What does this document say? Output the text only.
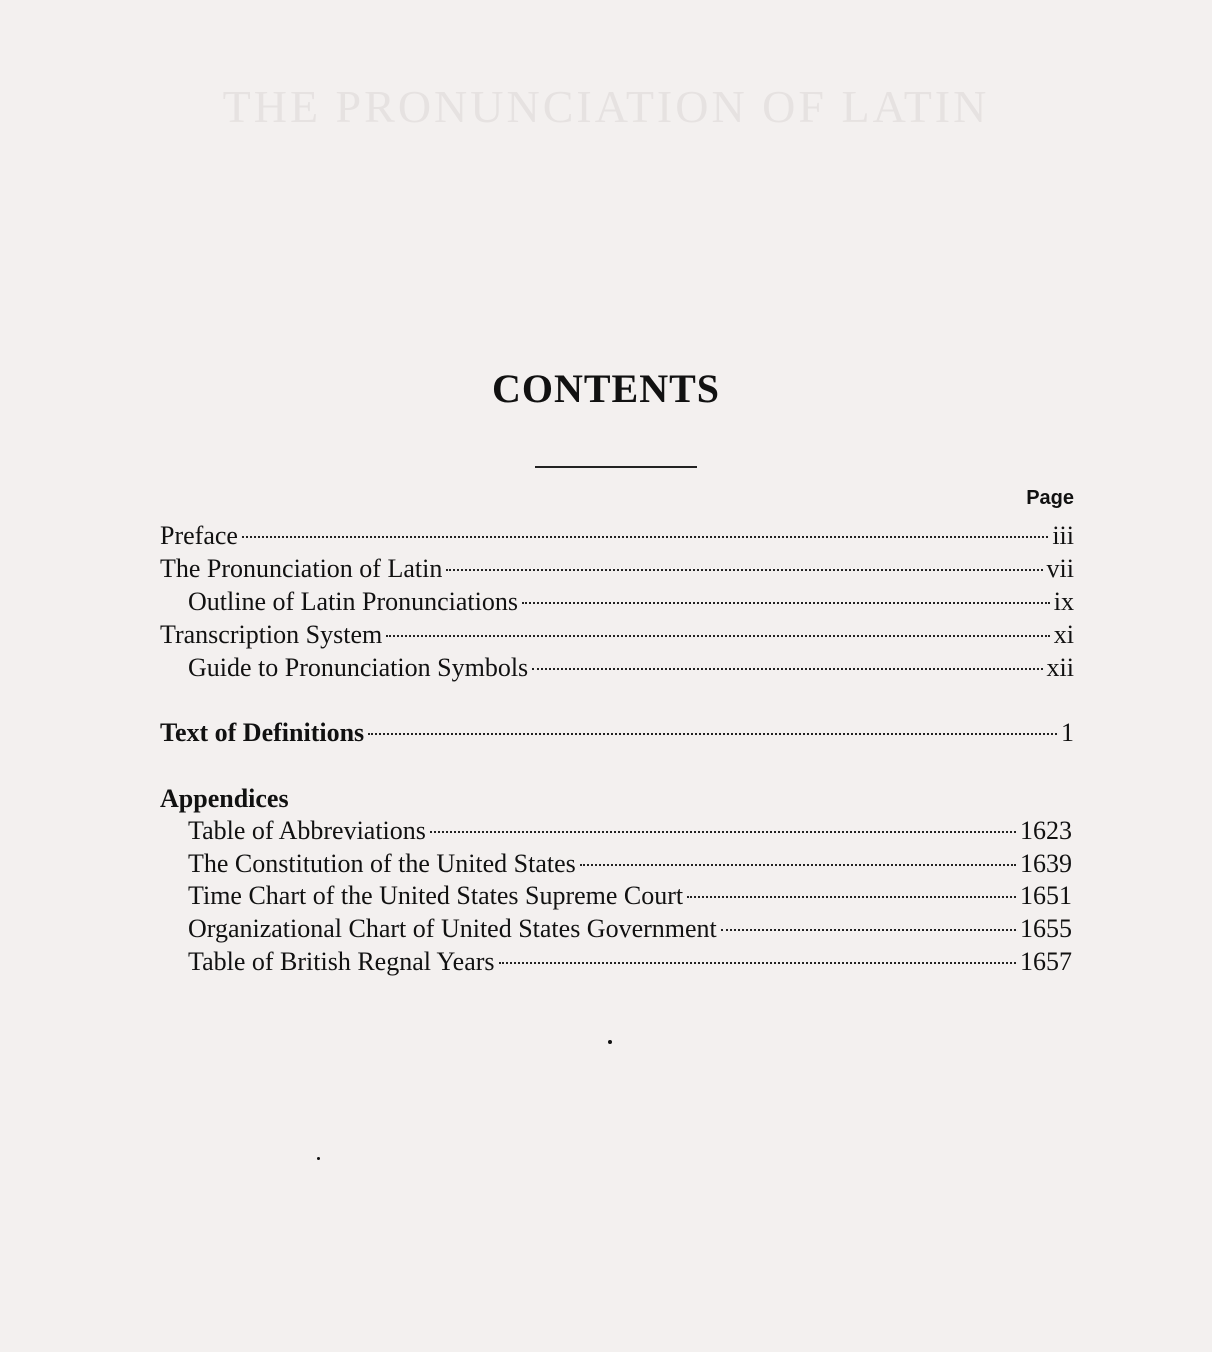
THE PRONUNCIATION OF LATIN
CONTENTS
Page
Preface	iii
The Pronunciation of Latin	vii
Outline of Latin Pronunciations	ix
Transcription System	xi
Guide to Pronunciation Symbols	xii
Text of Definitions	1
Appendices
Table of Abbreviations	1623
The Constitution of the United States	1639
Time Chart of the United States Supreme Court	1651
Organizational Chart of United States Government	1655
Table of British Regnal Years	1657
